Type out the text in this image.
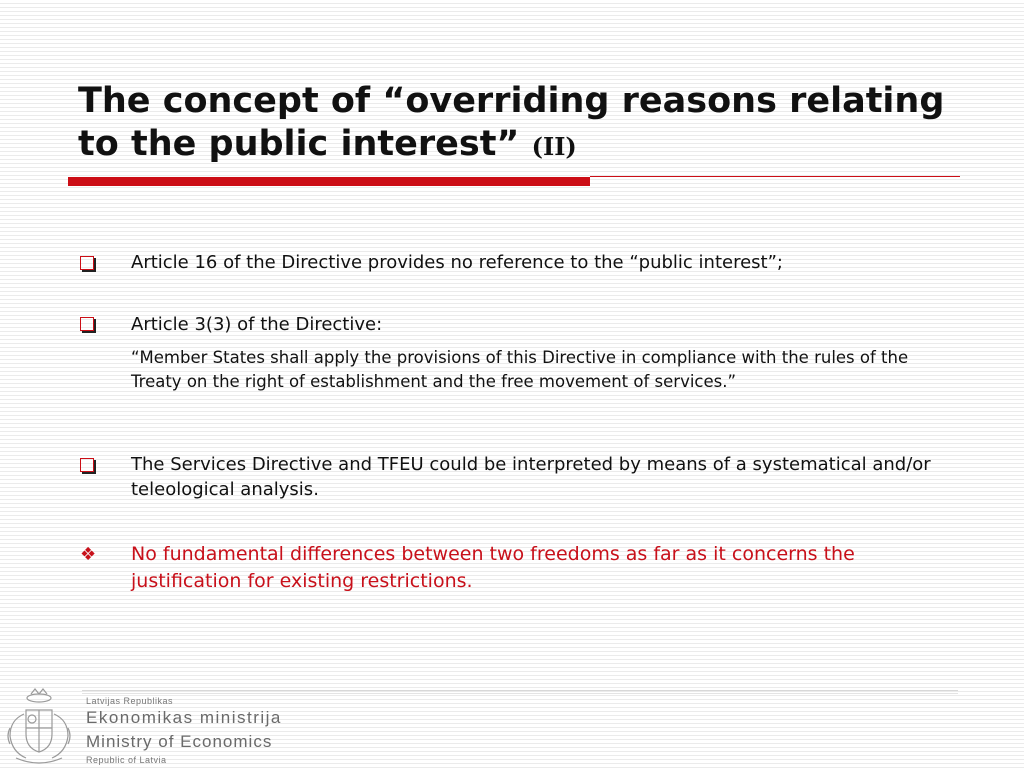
The concept of “overriding reasons relating to the public interest” (II)
Article 16 of the Directive provides no reference to the “public interest”;
Article 3(3) of the Directive:
“Member States shall apply the provisions of this Directive in compliance with the rules of the Treaty on the right of establishment and the free movement of services.”
The Services Directive and TFEU could be interpreted by means of a systematical and/or teleological analysis.
❖ No fundamental differences between two freedoms as far as it concerns the justification for existing restrictions.
Latvijas Republikas
Ekonomikas ministrija
Ministry of Economics
Republic of Latvia
